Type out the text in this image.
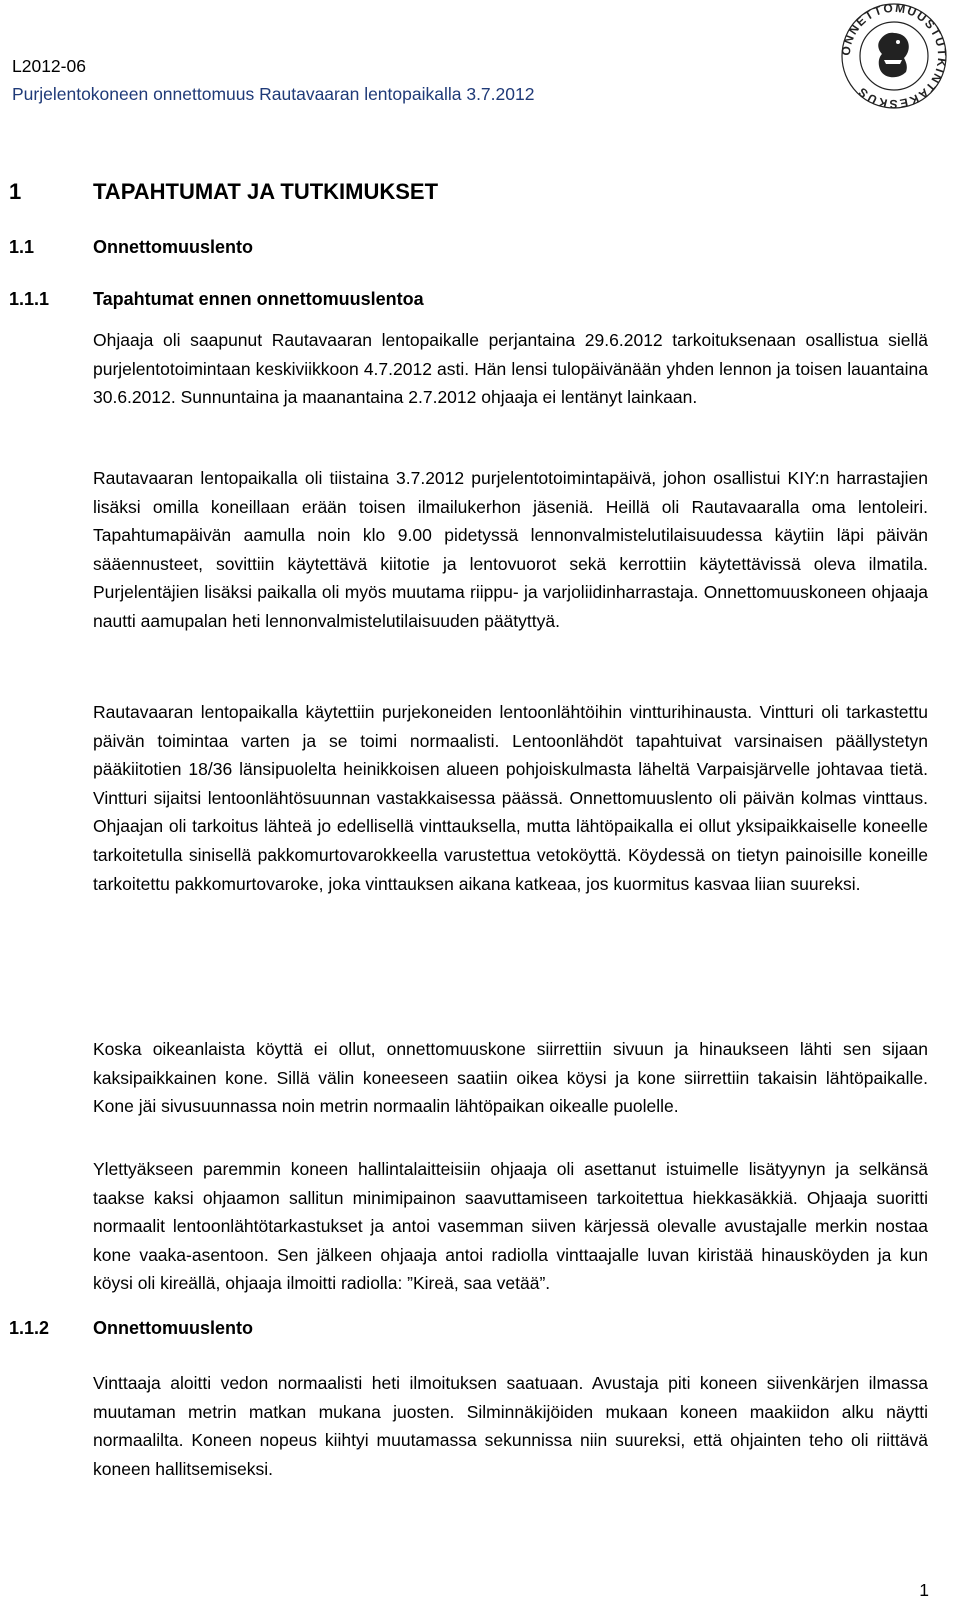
L2012-06
Purjelentokoneen onnettomuus Rautavaaran lentopaikalla 3.7.2012
ONNETTOMUUSTUTKINTAKESKUS
1	TAPAHTUMAT JA TUTKIMUKSET
1.1	Onnettomuuslento
1.1.1 Tapahtumat ennen onnettomuuslentoa

Ohjaaja oli saapunut Rautavaaran lentopaikalle perjantaina 29.6.2012 tarkoituksenaan osallistua siellä purjelentotoimintaan keskiviikkoon 4.7.2012 asti. Hän lensi tulopäivänään yhden lennon ja toisen lauantaina 30.6.2012. Sunnuntaina ja maanantaina 2.7.2012 ohjaaja ei lentänyt lainkaan.

Rautavaaran lentopaikalla oli tiistaina 3.7.2012 purjelentotoimintapäivä, johon osallistui KIY:n harrastajien lisäksi omilla koneillaan erään toisen ilmailukerhon jäseniä. Heillä oli Rautavaaralla oma lentoleiri. Tapahtumapäivän aamulla noin klo 9.00 pidetyssä lennonvalmistelutilaisuudessa käytiin läpi päivän sääennusteet, sovittiin käytettävä kiitotie ja lentovuorot sekä kerrottiin käytettävissä oleva ilmatila. Purjelentäjien lisäksi paikalla oli myös muutama riippu- ja varjoliidinharrastaja. Onnettomuuskoneen ohjaaja nautti aamupalan heti lennonvalmistelutilaisuuden päätyttyä.

Rautavaaran lentopaikalla käytettiin purjekoneiden lentoonlähtöihin vintturihinausta. Vintturi oli tarkastettu päivän toimintaa varten ja se toimi normaalisti. Lentoonlähdöt tapahtuivat varsinaisen päällystetyn pääkiitotien 18/36 länsipuolelta heinikkoisen alueen pohjoiskulmasta läheltä Varpaisjärvelle johtavaa tietä. Vintturi sijaitsi lentoonlähtösuunnan vastakkaisessa päässä. Onnettomuuslento oli päivän kolmas vinttaus. Ohjaajan oli tarkoitus lähteä jo edellisellä vinttauksella, mutta lähtöpaikalla ei ollut yksipaikkaiselle koneelle tarkoitetulla sinisellä pakkomurtovarokkeella varustettua vetoköyttä. Köydessä on tietyn painoisille koneille tarkoitettu pakkomurtovaroke, joka vinttauksen aikana katkeaa, jos kuormitus kasvaa liian suureksi.

Koska oikeanlaista köyttä ei ollut, onnettomuuskone siirrettiin sivuun ja hinaukseen lähti sen sijaan kaksipaikkainen kone. Sillä välin koneeseen saatiin oikea köysi ja kone siirrettiin takaisin lähtöpaikalle. Kone jäi sivusuunnassa noin metrin normaalin lähtöpaikan oikealle puolelle.

Ylettyäkseen paremmin koneen hallintalaitteisiin ohjaaja oli asettanut istuimelle lisätyynyn ja selkänsä taakse kaksi ohjaamon sallitun minimipainon saavuttamiseen tarkoitettua hiekkasäkkiä. Ohjaaja suoritti normaalit lentoonlähtötarkastukset ja antoi vasemman siiven kärjessä olevalle avustajalle merkin nostaa kone vaaka-asentoon. Sen jälkeen ohjaaja antoi radiolla vinttaajalle luvan kiristää hinausköyden ja kun köysi oli kireällä, ohjaaja ilmoitti radiolla: ”Kireä, saa vetää”.

1.1.2 Onnettomuuslento

Vinttaaja aloitti vedon normaalisti heti ilmoituksen saatuaan. Avustaja piti koneen siivenkärjen ilmassa muutaman metrin matkan mukana juosten. Silminnäkijöiden mukaan koneen maakiidon alku näytti normaalilta. Koneen nopeus kiihtyi muutamassa sekunnissa niin suureksi, että ohjainten teho oli riittävä koneen hallitsemiseksi.

1
